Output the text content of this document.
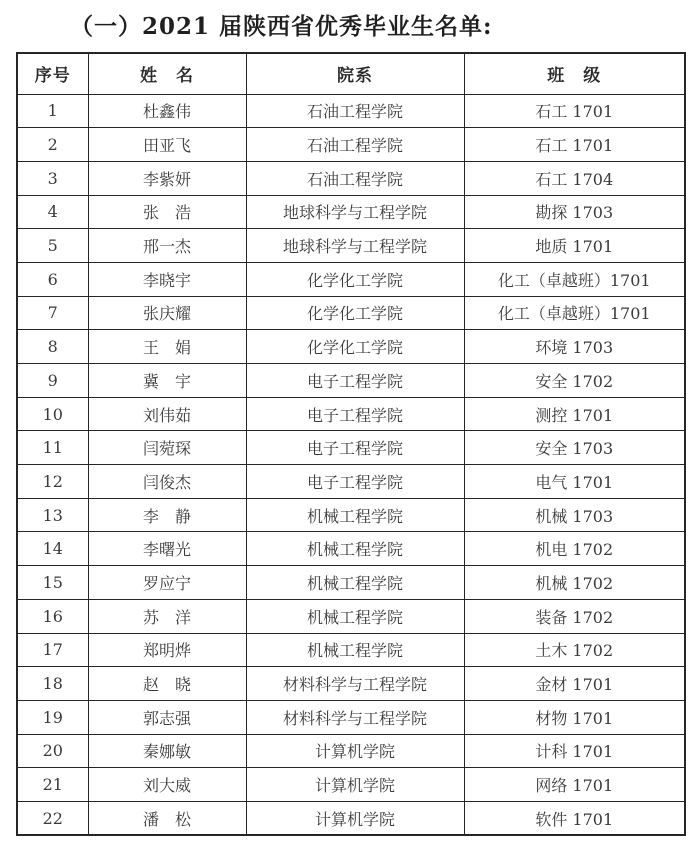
（一）2021 届陕西省优秀毕业生名单:
序号	姓　名	院系	班　级
1	杜鑫伟	石油工程学院	石工 1701
2	田亚飞	石油工程学院	石工 1701
3	李紫妍	石油工程学院	石工 1704
4	张　浩	地球科学与工程学院	勘探 1703
5	邢一杰	地球科学与工程学院	地质 1701
6	李晓宇	化学化工学院	化工（卓越班）1701
7	张庆耀	化学化工学院	化工（卓越班）1701
8	王　娟	化学化工学院	环境 1703
9	冀　宇	电子工程学院	安全 1702
10	刘伟茹	电子工程学院	测控 1701
11	闫菀琛	电子工程学院	安全 1703
12	闫俊杰	电子工程学院	电气 1701
13	李　静	机械工程学院	机械 1703
14	李曙光	机械工程学院	机电 1702
15	罗应宁	机械工程学院	机械 1702
16	苏　洋	机械工程学院	装备 1702
17	郑明烨	机械工程学院	土木 1702
18	赵　晓	材料科学与工程学院	金材 1701
19	郭志强	材料科学与工程学院	材物 1701
20	秦娜敏	计算机学院	计科 1701
21	刘大威	计算机学院	网络 1701
22	潘　松	计算机学院	软件 1701
